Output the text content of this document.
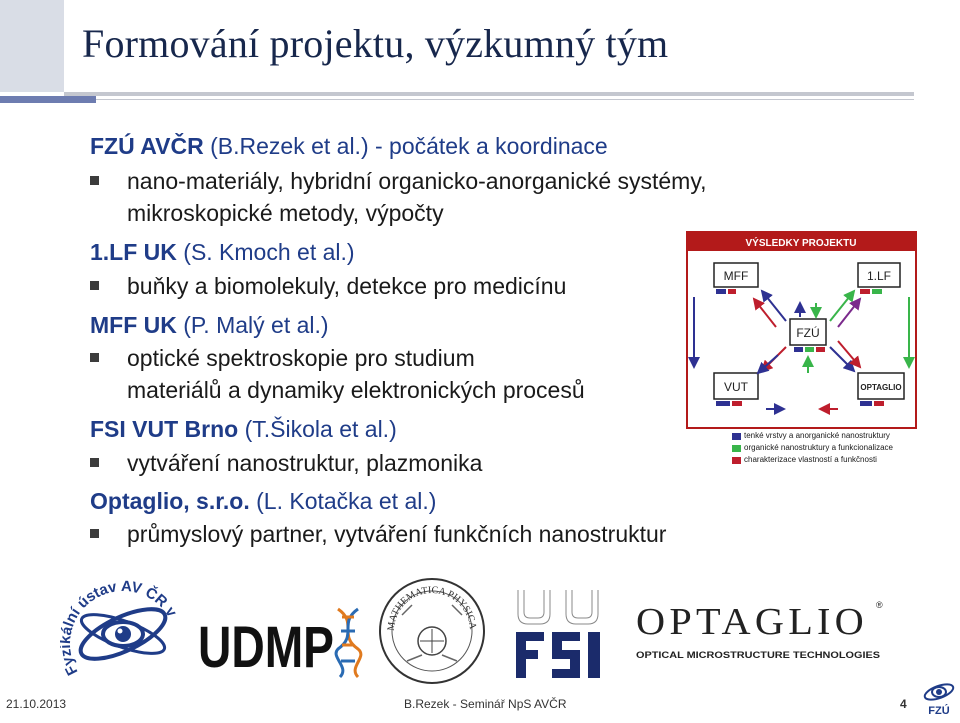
Formování projektu, výzkumný tým
FZÚ AVČR (B.Rezek et al.) - počátek a koordinace
nano-materiály, hybridní organicko-anorganické systémy,
mikroskopické metody, výpočty
1.LF UK (S. Kmoch et al.)
buňky a biomolekuly, detekce pro medicínu
MFF UK (P. Malý et al.)
optické spektroskopie pro studium
materiálů a dynamiky elektronických procesů
FSI VUT Brno (T.Šikola et al.)
vytváření nanostruktur, plazmonika
Optaglio, s.r.o. (L. Kotačka et al.)
průmyslový partner, vytváření funkčních nanostruktur
VÝSLEDKY PROJEKTU
MFF	1.LF
FZÚ
VUT	OPTAGLIO
tenké vrstvy a anorganické nanostruktury
organické nanostruktury a funkcionalizace
charakterizace vlastností a funkčnosti
Fy lní ústav AV ČR v
UDMP	MATHEMATICA PHYSICA	OPTAGLIO ®
OPTICAL MICROSTRUCTURE TECHNOLOGIES
21.10.2013	B.Rezek - Seminář NpS AVČR	4 FZÚ
